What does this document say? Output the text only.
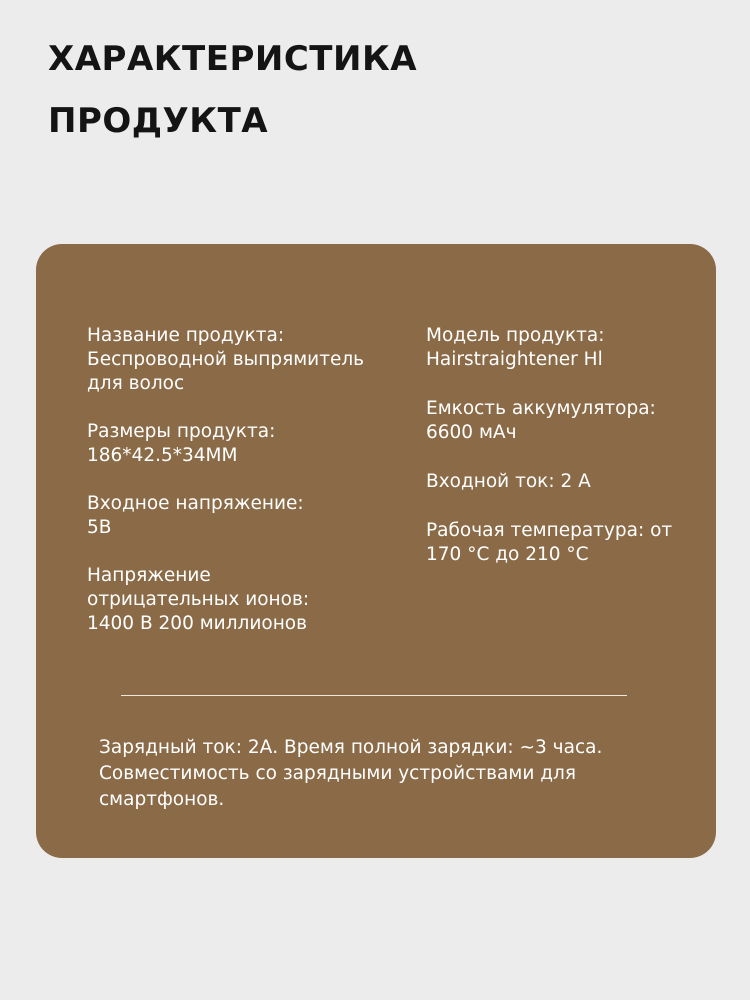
ХАРАКТЕРИСТИКА
ПРОДУКТА

Название продукта:
Беспроводной выпрямитель
для волос

Размеры продукта:
186*42.5*34MM

Входное напряжение:
5В

Напряжение
отрицательных ионов:
1400 В 200 миллионов

Модель продукта:
Hairstraightener Hl

Емкость аккумулятора:
6600 мАч

Входной ток: 2 А

Рабочая температура: от
170 °С до 210 °С

Зарядный ток: 2А. Время полной зарядки: ~3 часа.
Совместимость со зарядными устройствами для
смартфонов.
